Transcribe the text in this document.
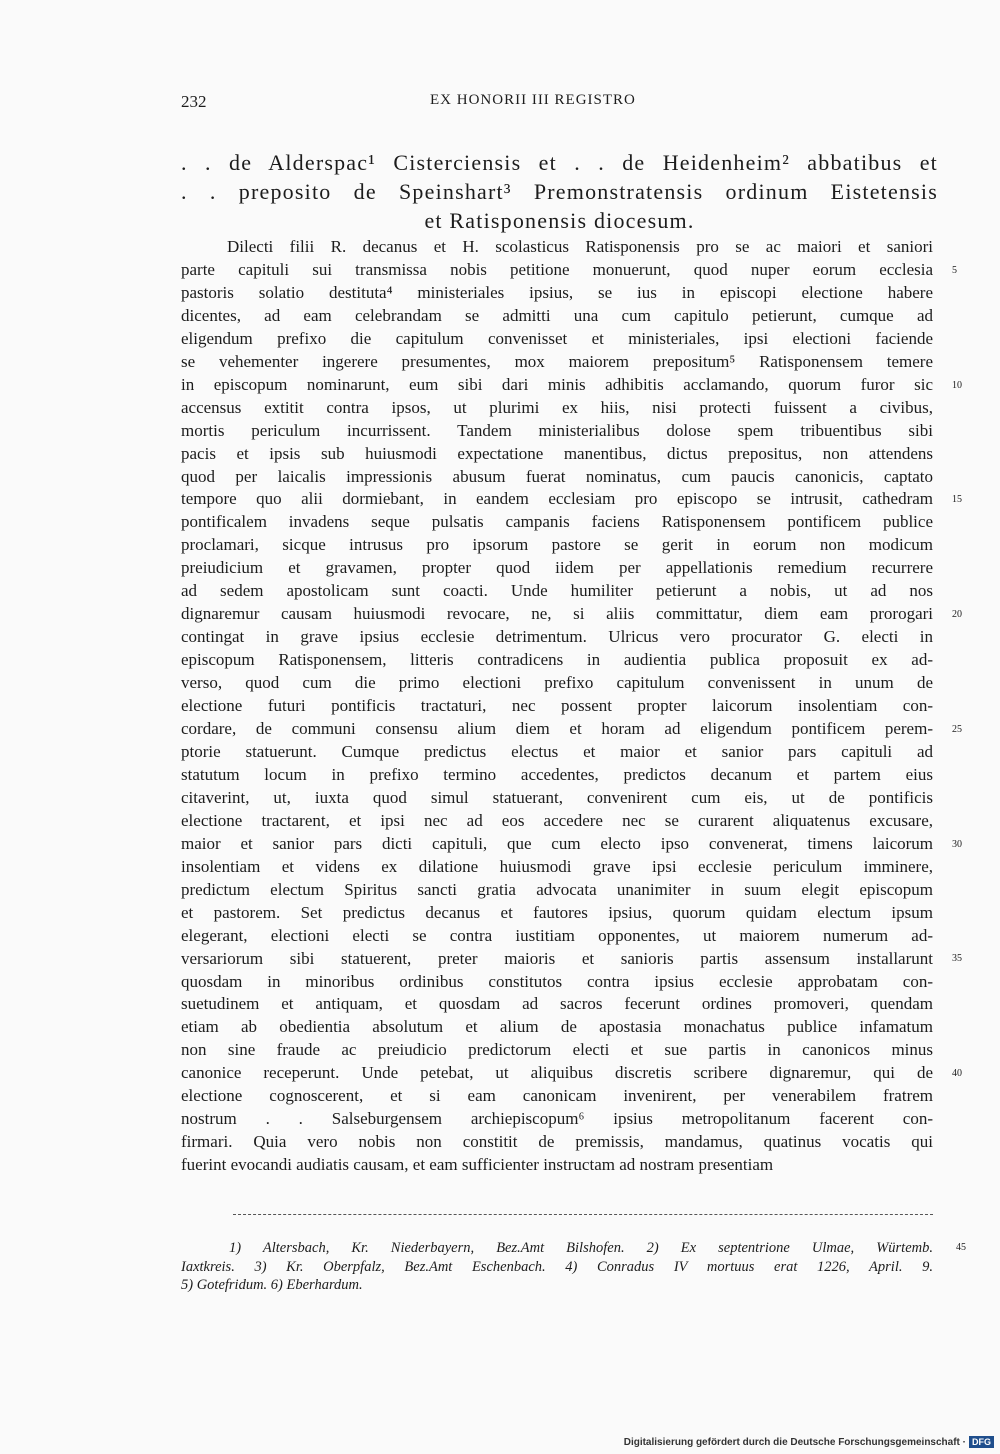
232	EX HONORII III REGISTRO
. . de Alderspac¹ Cisterciensis et . . de Heidenheim² abbatibus et
. . preposito de Speinshart³ Premonstratensis ordinum Eistetensis
et Ratisponensis diocesum.
Dilecti filii R. decanus et H. scolasticus Ratisponensis pro se ac maiori et saniori
parte capituli sui transmissa nobis petitione monuerunt, quod nuper eorum ecclesia
pastoris solatio destituta⁴ ministeriales ipsius, se ius in episcopi electione habere
dicentes, ad eam celebrandam se admitti una cum capitulo petierunt, cumque ad
eligendum prefixo die capitulum convenisset et ministeriales, ipsi electioni faciende
se vehementer ingerere presumentes, mox maiorem prepositum⁵ Ratisponensem temere
in episcopum nominarunt, eum sibi dari minis adhibitis acclamando, quorum furor sic
accensus extitit contra ipsos, ut plurimi ex hiis, nisi protecti fuissent a civibus,
mortis periculum incurrissent. Tandem ministerialibus dolose spem tribuentibus sibi
pacis et ipsis sub huiusmodi expectatione manentibus, dictus prepositus, non attendens
quod per laicalis impressionis abusum fuerat nominatus, cum paucis canonicis, captato
tempore quo alii dormiebant, in eandem ecclesiam pro episcopo se intrusit, cathedram
pontificalem invadens seque pulsatis campanis faciens Ratisponensem pontificem publice
proclamari, sicque intrusus pro ipsorum pastore se gerit in eorum non modicum
preiudicium et gravamen, propter quod iidem per appellationis remedium recurrere
ad sedem apostolicam sunt coacti. Unde humiliter petierunt a nobis, ut ad nos
dignaremur causam huiusmodi revocare, ne, si aliis committatur, diem eam prorogari
contingat in grave ipsius ecclesie detrimentum. Ulricus vero procurator G. electi in
episcopum Ratisponensem, litteris contradicens in audientia publica proposuit ex ad-
verso, quod cum die primo electioni prefixo capitulum convenissent in unum de
electione futuri pontificis tractaturi, nec possent propter laicorum insolentiam con-
cordare, de communi consensu alium diem et horam ad eligendum pontificem perem-
ptorie statuerunt. Cumque predictus electus et maior et sanior pars capituli ad
statutum locum in prefixo termino accedentes, predictos decanum et partem eius
citaverint, ut, iuxta quod simul statuerant, convenirent cum eis, ut de pontificis
electione tractarent, et ipsi nec ad eos accedere nec se curarent aliquatenus excusare,
maior et sanior pars dicti capituli, que cum electo ipso convenerat, timens laicorum
insolentiam et videns ex dilatione huiusmodi grave ipsi ecclesie periculum imminere,
predictum electum Spiritus sancti gratia advocata unanimiter in suum elegit episcopum
et pastorem. Set predictus decanus et fautores ipsius, quorum quidam electum ipsum
elegerant, electioni electi se contra iustitiam opponentes, ut maiorem numerum ad-
versariorum sibi statuerent, preter maioris et sanioris partis assensum installarunt
quosdam in minoribus ordinibus constitutos contra ipsius ecclesie approbatam con-
suetudinem et antiquam, et quosdam ad sacros fecerunt ordines promoveri, quendam
etiam ab obedientia absolutum et alium de apostasia monachatus publice infamatum
non sine fraude ac preiudicio predictorum electi et sue partis in canonicos minus
canonice receperunt. Unde petebat, ut aliquibus discretis scribere dignaremur, qui de
electione cognoscerent, et si eam canonicam invenirent, per venerabilem fratrem
nostrum . . Salseburgensem archiepiscopum⁶ ipsius metropolitanum facerent con-
firmari. Quia vero nobis non constitit de premissis, mandamus, quatinus vocatis qui
fuerint evocandi audiatis causam, et eam sufficienter instructam ad nostram presentiam
5
10
15
20
25
30
35
40
1) Altersbach, Kr. Niederbayern, Bez.Amt Bilshofen. 2) Ex septentrione Ulmae, Würtemb.
Iaxtkreis. 3) Kr. Oberpfalz, Bez.Amt Eschenbach. 4) Conradus IV mortuus erat 1226, April. 9.
5) Gotefridum. 6) Eberhardum.
45
Digitalisierung gefördert durch die Deutsche Forschungsgemeinschaft · DFG
